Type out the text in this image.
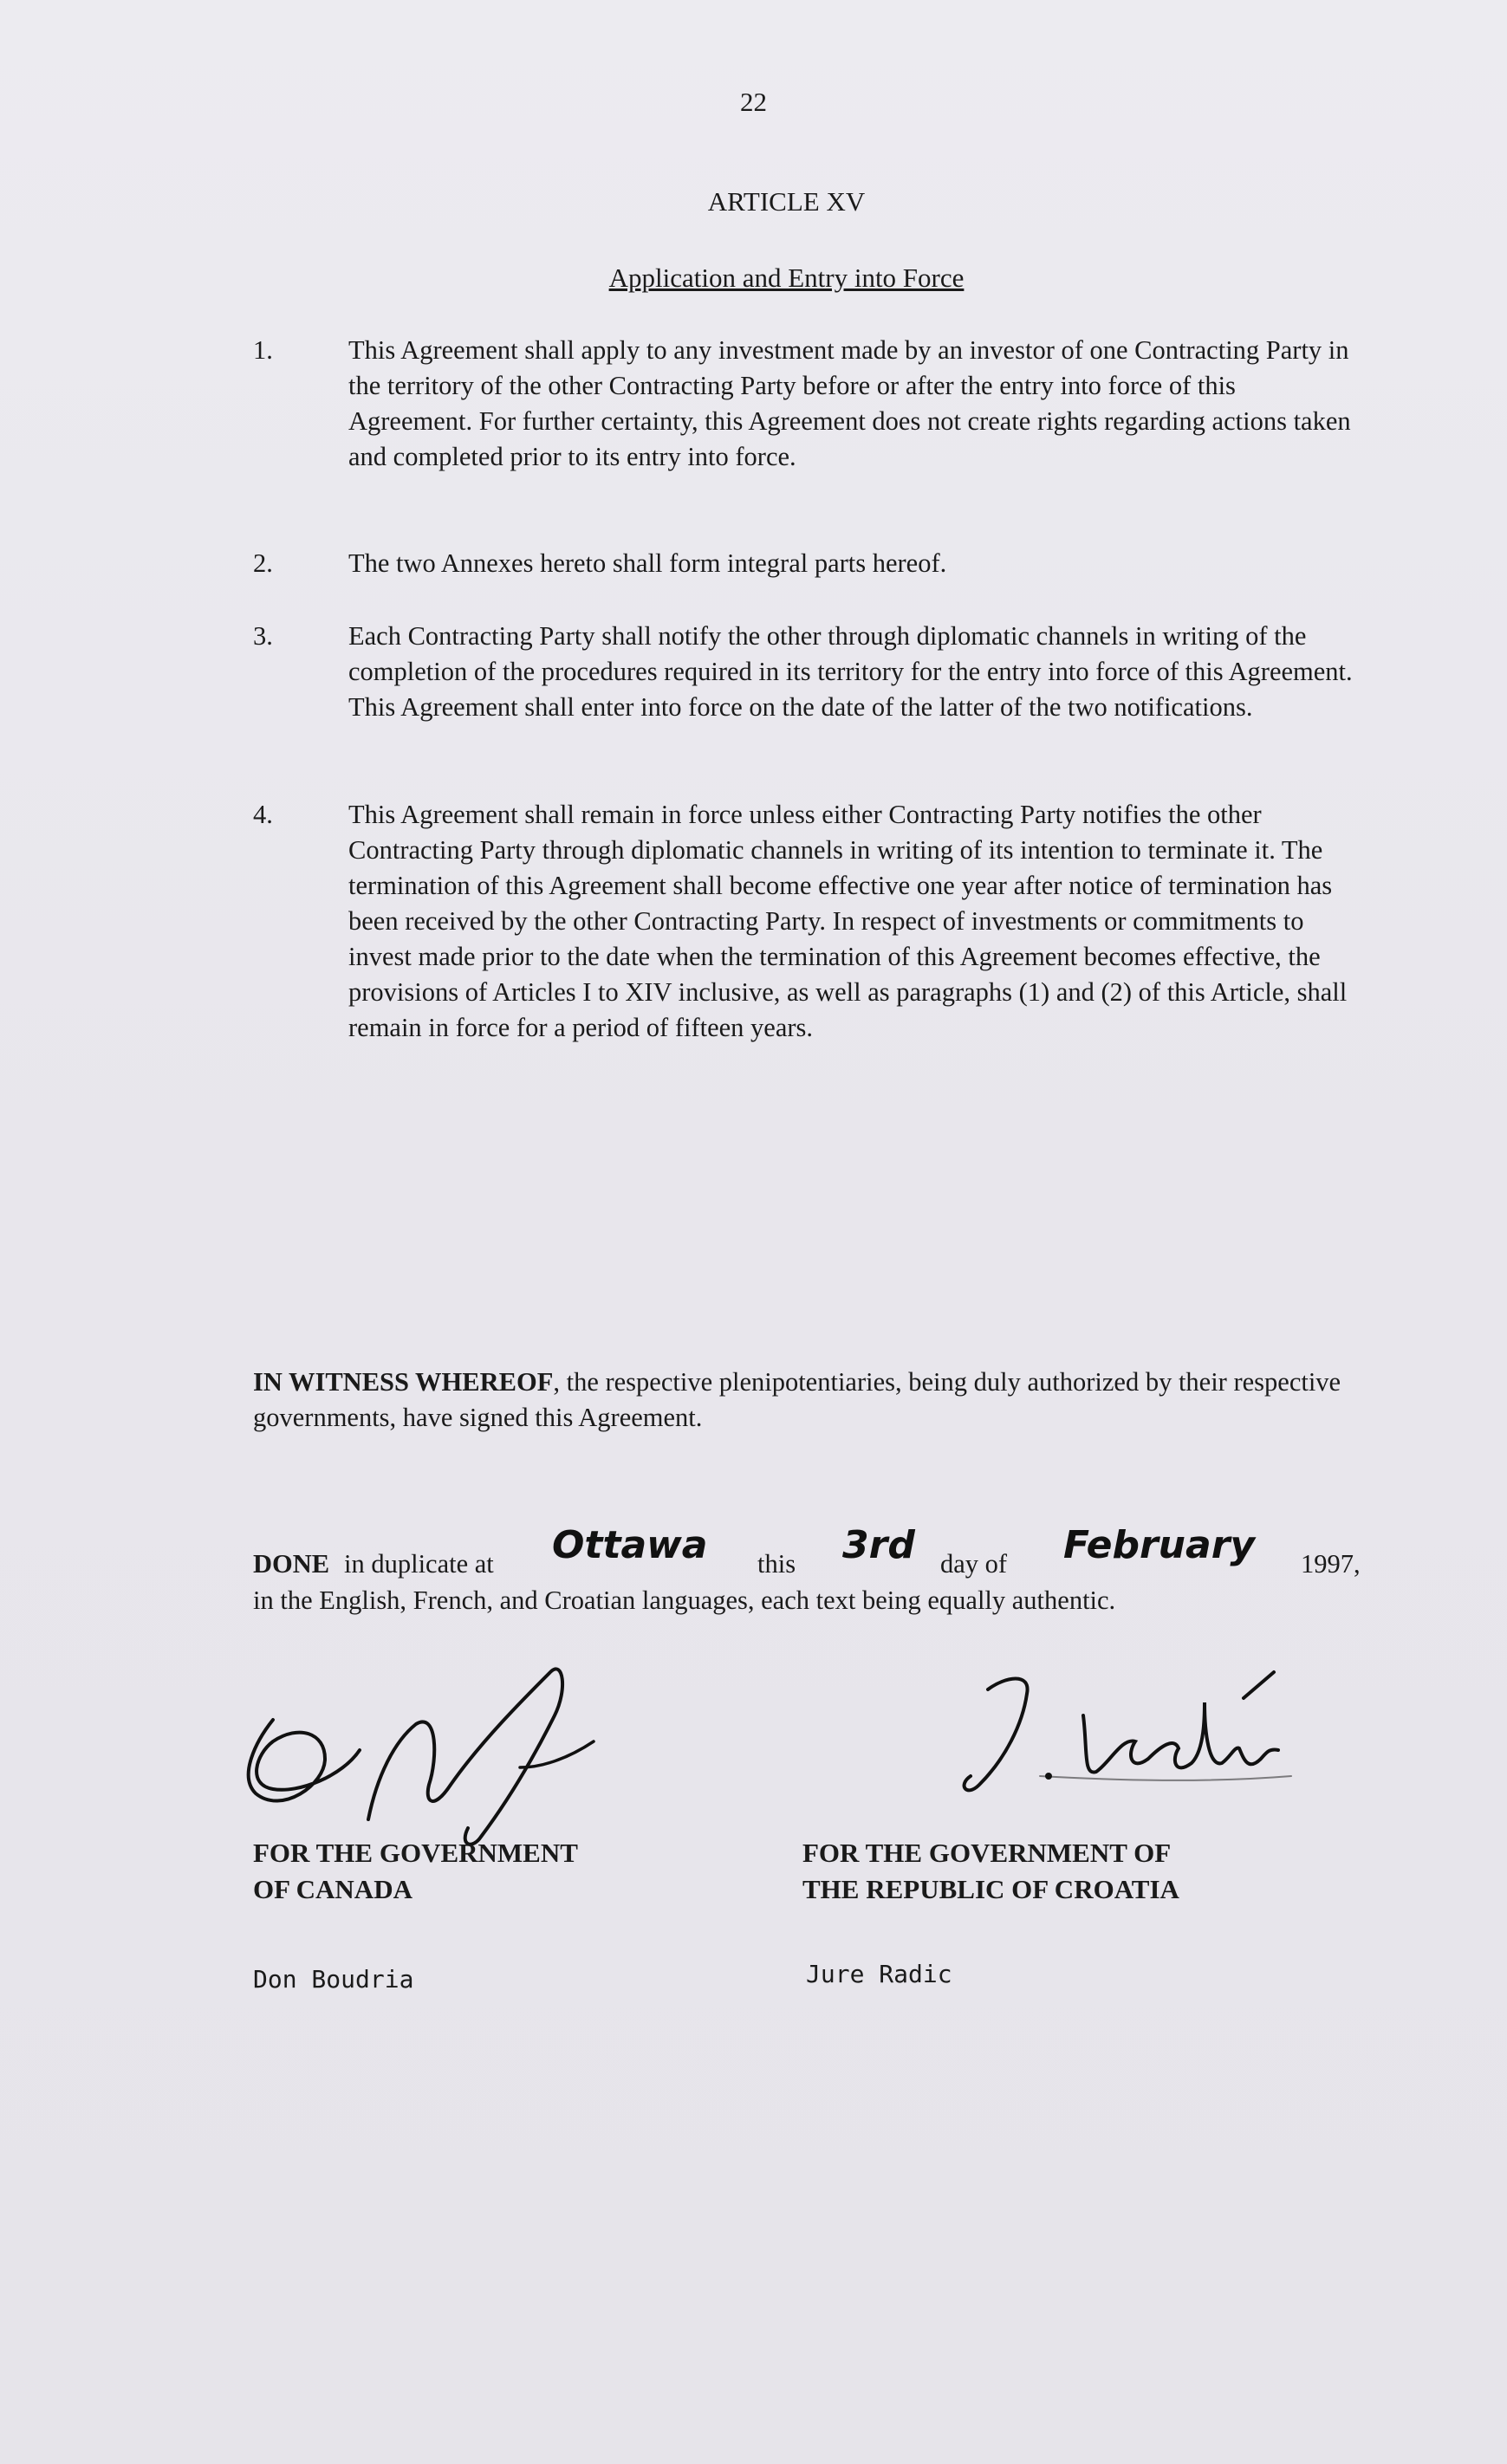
22
ARTICLE XV
Application and Entry into Force
1.	This Agreement shall apply to any investment made by an investor of one Contracting Party in the territory of the other Contracting Party before or after the entry into force of this Agreement. For further certainty, this Agreement does not create rights regarding actions taken and completed prior to its entry into force.
2.	The two Annexes hereto shall form integral parts hereof.
3.	Each Contracting Party shall notify the other through diplomatic channels in writing of the completion of the procedures required in its territory for the entry into force of this Agreement. This Agreement shall enter into force on the date of the latter of the two notifications.
4.	This Agreement shall remain in force unless either Contracting Party notifies the other Contracting Party through diplomatic channels in writing of its intention to terminate it. The termination of this Agreement shall become effective one year after notice of termination has been received by the other Contracting Party. In respect of investments or commitments to invest made prior to the date when the termination of this Agreement becomes effective, the provisions of Articles I to XIV inclusive, as well as paragraphs (1) and (2) of this Article, shall remain in force for a period of fifteen years.
IN WITNESS WHEREOF, the respective plenipotentiaries, being duly authorized by their respective governments, have signed this Agreement.
DONE in duplicate at Ottawa this 3rd day of February 1997,
in the English, French, and Croatian languages, each text being equally authentic.
FOR THE GOVERNMENT
OF CANADA
Don Boudria
FOR THE GOVERNMENT OF
THE REPUBLIC OF CROATIA
Jure Radic
